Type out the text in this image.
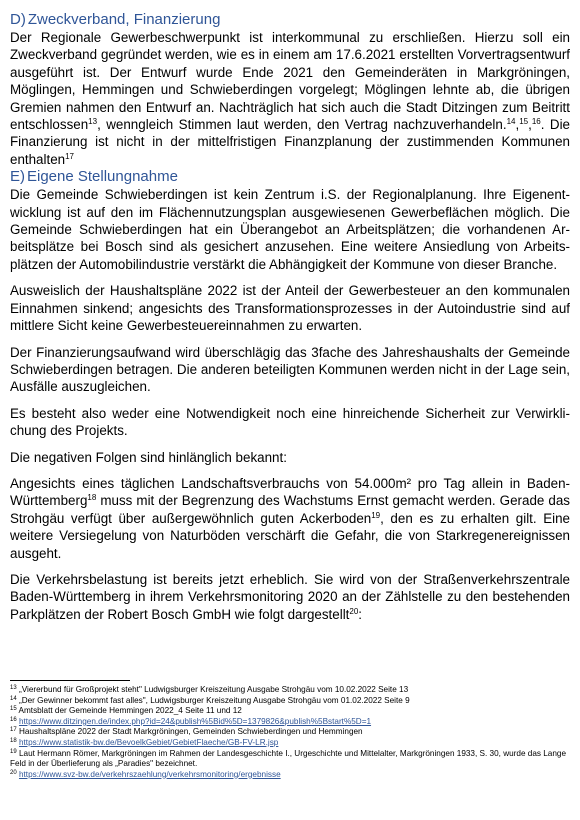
D) Zweckverband, Finanzierung

Der Regionale Gewerbeschwerpunkt ist interkommunal zu erschließen. Hierzu soll ein Zweckverband gegründet werden, wie es in einem am 17.6.2021 erstellten Vorvertragsentwurf ausgeführt ist. Der Entwurf wurde Ende 2021 den Gemeinderäten in Markgröningen, Möglingen, Hemmingen und Schwieberdingen vorgelegt; Möglingen lehnte ab, die übrigen Gremien nahmen den Entwurf an. Nachträglich hat sich auch die Stadt Ditzingen zum Beitritt entschlossen$^{13}$, wenngleich Stimmen laut werden, den Vertrag nachzuverhandeln.$^{14}$,$^{15}$,$^{16}$. Die Finanzierung ist nicht in der mittelfristigen Finanzplanung der zustimmenden Kommunen enthalten$^{17}$

E) Eigene Stellungnahme

Die Gemeinde Schwieberdingen ist kein Zentrum i.S. der Regionalplanung. Ihre Eigenentwicklung ist auf den im Flächennutzungsplan ausgewiesenen Gewerbeflächen möglich. Die Gemeinde Schwieberdingen hat ein Überangebot an Arbeitsplätzen; die vorhandenen Arbeitsplätze bei Bosch sind als gesichert anzusehen. Eine weitere Ansiedlung von Arbeitsplätzen der Automobilindustrie verstärkt die Abhängigkeit der Kommune von dieser Branche.

Ausweislich der Haushaltspläne 2022 ist der Anteil der Gewerbesteuer an den kommunalen Einnahmen sinkend; angesichts des Transformationsprozesses in der Autoindustrie sind auf mittlere Sicht keine Gewerbesteuereinnahmen zu erwarten.

Der Finanzierungsaufwand wird überschlägig das 3fache des Jahreshaushalts der Gemeinde Schwieberdingen betragen. Die anderen beteiligten Kommunen werden nicht in der Lage sein, Ausfälle auszugleichen.

Es besteht also weder eine Notwendigkeit noch eine hinreichende Sicherheit zur Verwirklichung des Projekts.

Die negativen Folgen sind hinlänglich bekannt:

Angesichts eines täglichen Landschaftsverbrauchs von 54.000m² pro Tag allein in Baden-Württemberg$^{18}$ muss mit der Begrenzung des Wachstums Ernst gemacht werden. Gerade das Strohgäu verfügt über außergewöhnlich guten Ackerboden$^{19}$, den es zu erhalten gilt. Eine weitere Versiegelung von Naturböden verschärft die Gefahr, die von Starkregenereignissen ausgeht.

Die Verkehrsbelastung ist bereits jetzt erheblich. Sie wird von der Straßenverkehrszentrale Baden-Württemberg in ihrem Verkehrsmonitoring 2020 an der Zählstelle zu den bestehenden Parkplätzen der Robert Bosch GmbH wie folgt dargestellt$^{20}$:

$^{13}$ „Viererbund für Großprojekt steht" Ludwigsburger Kreiszeitung Ausgabe Strohgäu vom 10.02.2022 Seite 13
$^{14}$ „Der Gewinner bekommt fast alles", Ludwigsburger Kreiszeitung Ausgabe Strohgäu vom 01.02.2022 Seite 9
$^{15}$ Amtsblatt der Gemeinde Hemmingen 2022_4 Seite 11 und 12
$^{16}$ https://www.ditzingen.de/index.php?id=24&publish%5Bid%5D=1379826&publish%5Bstart%5D=1
$^{17}$ Haushaltspläne 2022 der Stadt Markgröningen, Gemeinden Schwieberdingen und Hemmingen
$^{18}$ https://www.statistik-bw.de/BevoelkGebiet/GebietFlaeche/GB-FV-LR.jsp
$^{19}$ Laut Hermann Römer, Markgröningen im Rahmen der Landesgeschichte I., Urgeschichte und Mittelalter, Markgröningen 1933, S. 30, wurde das Lange Feld in der Überlieferung als „Paradies" bezeichnet.
$^{20}$ https://www.svz-bw.de/verkehrszaehlung/verkehrsmonitoring/ergebnisse
